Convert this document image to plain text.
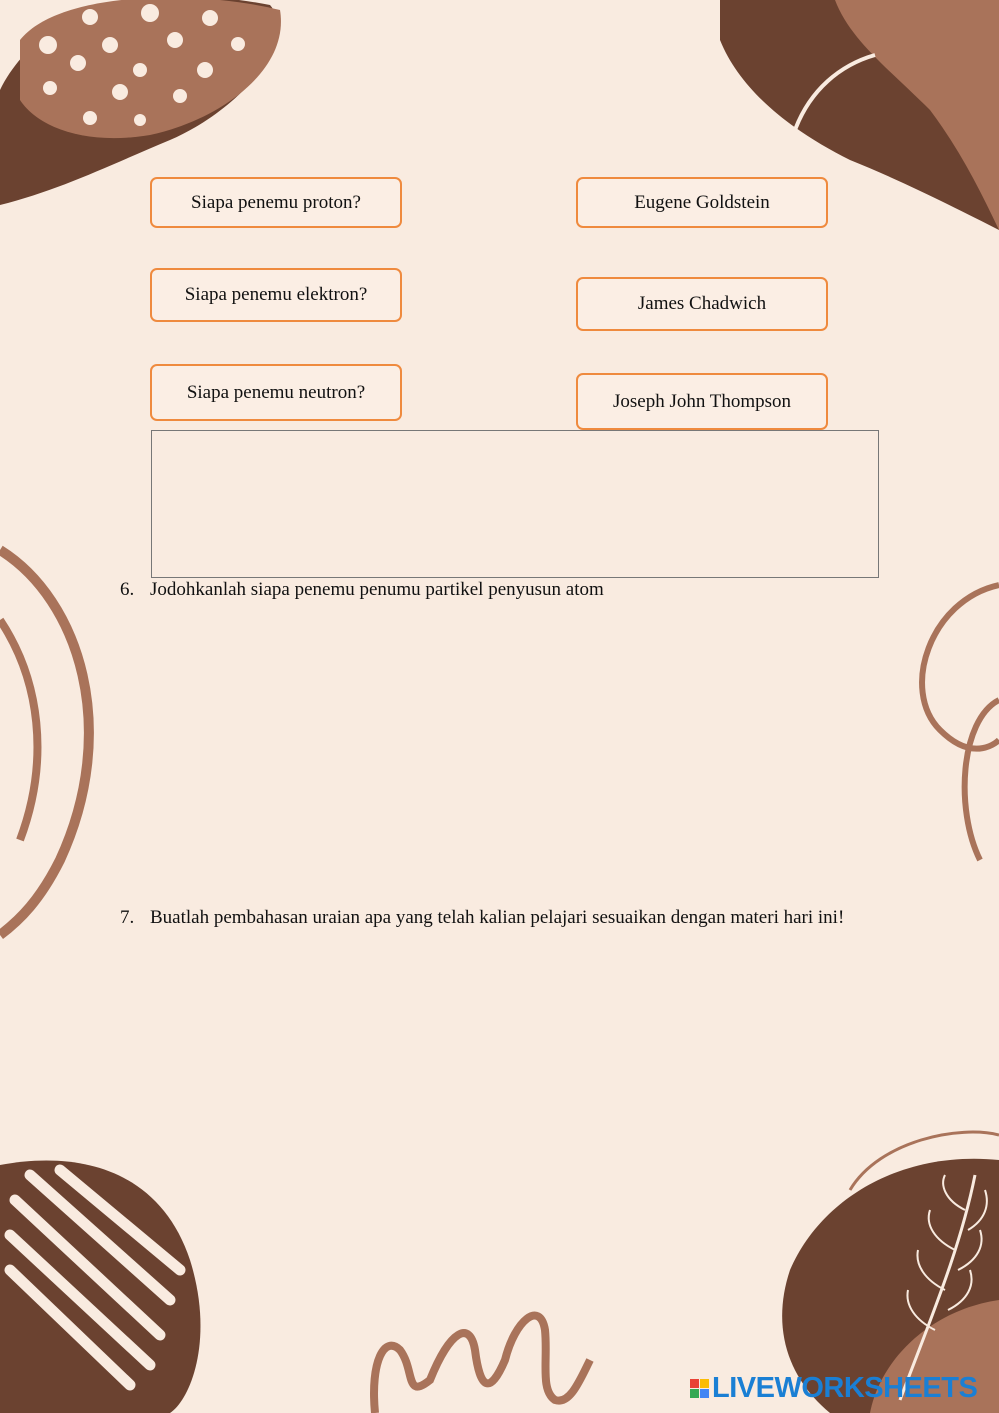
Siapa penemu proton?
Siapa penemu elektron?
Siapa penemu neutron?
Eugene Goldstein
James Chadwich
Joseph John Thompson
6. Jodohkanlah siapa penemu penumu partikel penyusun atom
7. Buatlah pembahasan uraian apa yang telah kalian pelajari sesuaikan dengan materi hari ini!
LIVEWORKSHEETS
